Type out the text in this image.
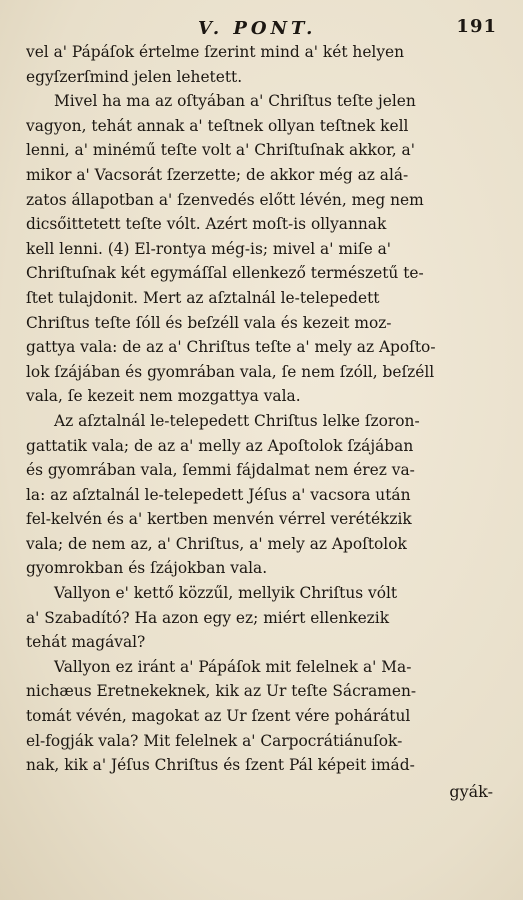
V. PONT.	191
vel a' Pápáſok értelme ſzerint mind a' két helyen
egyſzerſmind jelen lehetett.
Mivel ha ma az oſtyában a' Chriſtus teſte jelen
vagyon, tehát annak a' teſtnek ollyan teſtnek kell
lenni, a' minémű teſte volt a' Chriſtuſnak akkor, a'
mikor a' Vacsorát ſzerzette; de akkor még az alá-
zatos állapotban a' ſzenvedés előtt lévén, meg nem
dicsőittetett teſte vólt. Azért moſt-is ollyannak
kell lenni. (4) El-rontya még-is; mivel a' miſe a'
Chriſtuſnak két egymáſſal ellenkező természetű te-
ſtet tulajdonit. Mert az aſztalnál le-telepedett
Chriſtus teſte ſóll és beſzéll vala és kezeit moz-
gattya vala: de az a' Chriſtus teſte a' mely az Apoſto-
lok ſzájában és gyomrában vala, ſe nem ſzóll, beſzéll
vala, ſe kezeit nem mozgattya vala.
Az aſztalnál le-telepedett Chriſtus lelke ſzoron-
gattatik vala; de az a' melly az Apoſtolok ſzájában
és gyomrában vala, ſemmi fájdalmat nem érez va-
la: az aſztalnál le-telepedett Jéſus a' vacsora után
fel-kelvén és a' kertben menvén vérrel verétékzik
vala; de nem az, a' Chriſtus, a' mely az Apoſtolok
gyomrokban és ſzájokban vala.
Vallyon e' kettő közzűl, mellyik Chriſtus vólt
a' Szabadító? Ha azon egy ez; miért ellenkezik
tehát magával?
Vallyon ez iránt a' Pápáſok mit felelnek a' Ma-
nichæus Eretnekeknek, kik az Ur teſte Sácramen-
tomát vévén, magokat az Ur ſzent vére pohárátul
el-fogják vala? Mit felelnek a' Carpocrátiánuſok-
nak, kik a' Jéſus Chriſtus és ſzent Pál képeit imád-
gyák-
